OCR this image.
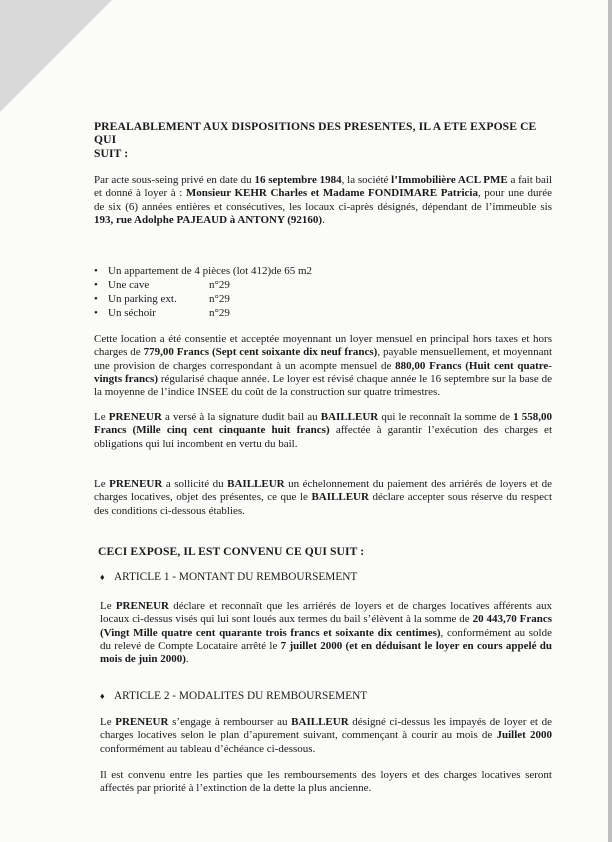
PREALABLEMENT AUX DISPOSITIONS DES PRESENTES, IL A ETE EXPOSE CE QUI
SUIT :

Par acte sous-seing privé en date du 16 septembre 1984, la société l’Immobilière ACL PME a fait bail et donné à loyer à : Monsieur KEHR Charles et Madame FONDIMARE Patricia, pour une durée de six (6) années entières et consécutives, les locaux ci-après désignés, dépendant de l’immeuble sis 193, rue Adolphe PAJEAUD à ANTONY (92160).

• Un appartement de 4 pièces (lot 412)de 65 m2
• Une cave	n°29
• Un parking ext.	n°29
• Un séchoir	n°29

Cette location a été consentie et acceptée moyennant un loyer mensuel en principal hors taxes et hors charges de 779,00 Francs (Sept cent soixante dix neuf francs), payable mensuellement, et moyennant une provision de charges correspondant à un acompte mensuel de 880,00 Francs (Huit cent quatre-vingts francs) régularisé chaque année. Le loyer est révisé chaque année le 16 septembre sur la base de la moyenne de l’indice INSEE du coût de la construction sur quatre trimestres.

Le PRENEUR a versé à la signature dudit bail au BAILLEUR qui le reconnaît la somme de 1 558,00 Francs (Mille cinq cent cinquante huit francs) affectée à garantir l’exécution des charges et obligations qui lui incombent en vertu du bail.

Le PRENEUR a sollicité du BAILLEUR un échelonnement du paiement des arriérés de loyers et de charges locatives, objet des présentes, ce que le BAILLEUR déclare accepter sous réserve du respect des conditions ci-dessous établies.

CECI EXPOSE, IL EST CONVENU CE QUI SUIT :
♦ ARTICLE 1 - MONTANT DU REMBOURSEMENT

Le PRENEUR déclare et reconnaît que les arriérés de loyers et de charges locatives afférents aux locaux ci-dessus visés qui lui sont loués aux termes du bail s’élèvent à la somme de 20 443,70 Francs (Vingt Mille quatre cent quarante trois francs et soixante dix centimes), conformément au solde du relevé de Compte Locataire arrêté le 7 juillet 2000 (et en déduisant le loyer en cours appelé du mois de juin 2000).

♦ ARTICLE 2 - MODALITES DU REMBOURSEMENT

Le PRENEUR s’engage à rembourser au BAILLEUR désigné ci-dessus les impayés de loyer et de charges locatives selon le plan d’apurement suivant, commençant à courir au mois de Juillet 2000 conformément au tableau d’échéance ci-dessous.

Il est convenu entre les parties que les remboursements des loyers et des charges locatives seront affectés par priorité à l’extinction de la dette la plus ancienne.
